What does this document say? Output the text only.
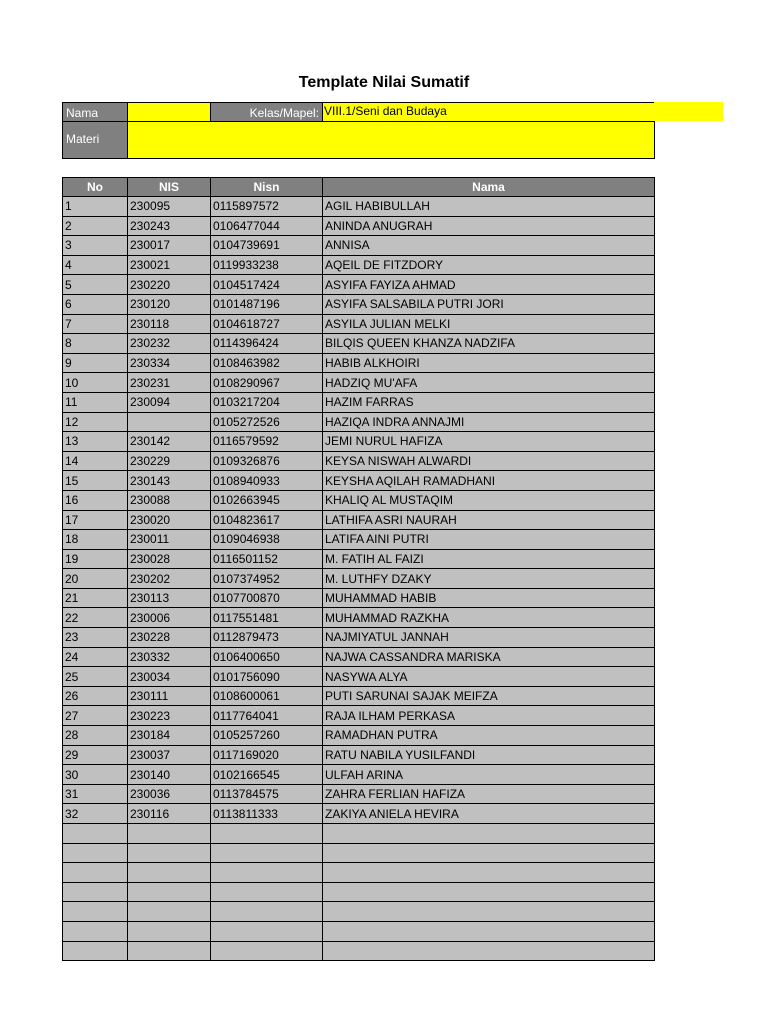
Template Nilai Sumatif
Nama	Kelas/Mapel: VIII.1/Seni dan Budaya
Materi
No	NIS	Nisn	Nama
1	230095	0115897572	AGIL HABIBULLAH
2	230243	0106477044	ANINDA ANUGRAH
3	230017	0104739691	ANNISA
4	230021	0119933238	AQEIL DE FITZDORY
5	230220	0104517424	ASYIFA FAYIZA AHMAD
6	230120	0101487196	ASYIFA SALSABILA PUTRI JORI
7	230118	0104618727	ASYILA JULIAN MELKI
8	230232	0114396424	BILQIS QUEEN KHANZA NADZIFA
9	230334	0108463982	HABIB ALKHOIRI
10	230231	0108290967	HADZIQ MU'AFA
11	230094	0103217204	HAZIM FARRAS
12		0105272526	HAZIQA INDRA ANNAJMI
13	230142	0116579592	JEMI NURUL HAFIZA
14	230229	0109326876	KEYSA NISWAH ALWARDI
15	230143	0108940933	KEYSHA AQILAH RAMADHANI
16	230088	0102663945	KHALIQ AL MUSTAQIM
17	230020	0104823617	LATHIFA ASRI NAURAH
18	230011	0109046938	LATIFA AINI PUTRI
19	230028	0116501152	M. FATIH AL FAIZI
20	230202	0107374952	M. LUTHFY DZAKY
21	230113	0107700870	MUHAMMAD HABIB
22	230006	0117551481	MUHAMMAD RAZKHA
23	230228	0112879473	NAJMIYATUL JANNAH
24	230332	0106400650	NAJWA CASSANDRA MARISKA
25	230034	0101756090	NASYWA ALYA
26	230111	0108600061	PUTI SARUNAI SAJAK MEIFZA
27	230223	0117764041	RAJA ILHAM PERKASA
28	230184	0105257260	RAMADHAN PUTRA
29	230037	0117169020	RATU NABILA YUSILFANDI
30	230140	0102166545	ULFAH ARINA
31	230036	0113784575	ZAHRA FERLIAN HAFIZA
32	230116	0113811333	ZAKIYA ANIELA HEVIRA
